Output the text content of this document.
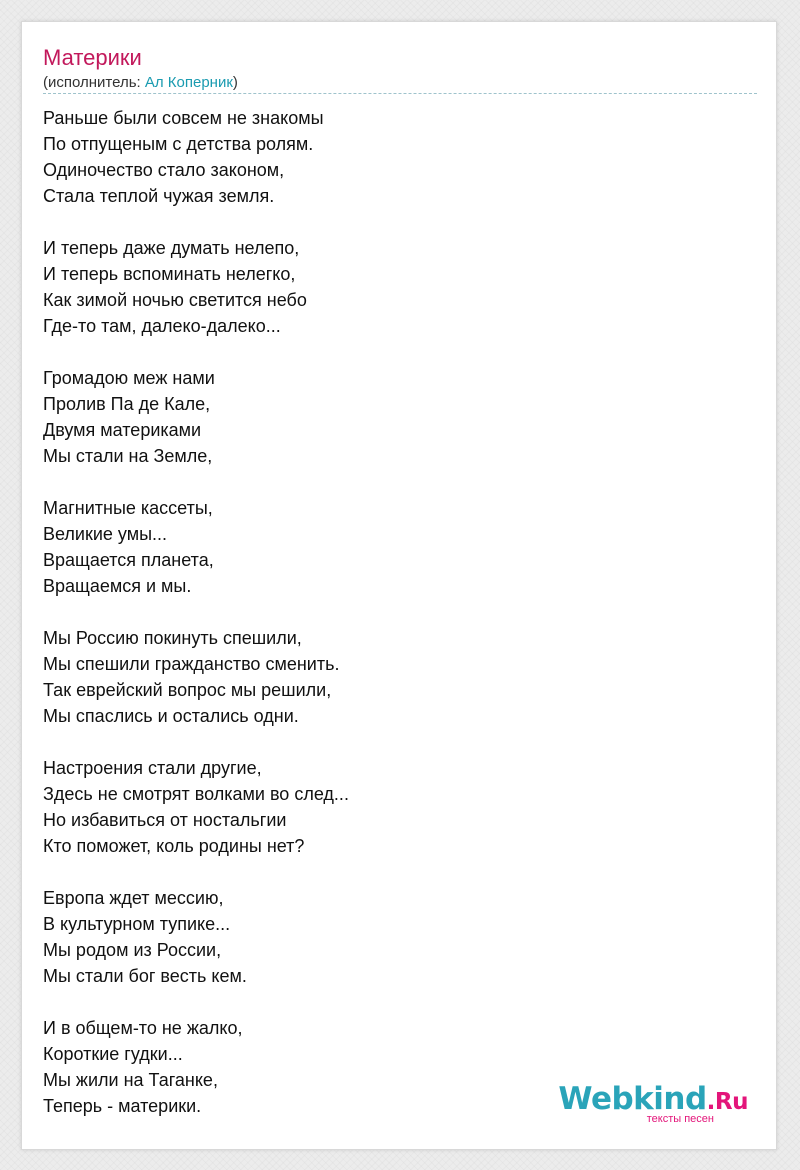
Материки
(исполнитель: Ал Коперник)
Раньше были совсем не знакомы
По отпущеным с детства ролям.
Одиночество стало законом,
Стала теплой чужая земля.
И теперь даже думать нелепо,
И теперь вспоминать нелегко,
Как зимой ночью светится небо
Где-то там, далеко-далеко...
Громадою меж нами
Пролив Па де Кале,
Двумя материками
Мы стали на Земле,
Магнитные кассеты,
Великие умы...
Вращается планета,
Вращаемся и мы.
Мы Россию покинуть спешили,
Мы спешили гражданство сменить.
Так еврейский вопрос мы решили,
Мы спаслись и остались одни.
Настроения стали другие,
Здесь не смотрят волками во след...
Но избавиться от ностальгии
Кто поможет, коль родины нет?
Европа ждет мессию,
В культурном тупике...
Мы родом из России,
Мы стали бог весть кем.
И в общем-то не жалко,
Короткие гудки...
Мы жили на Таганке,
Теперь - материки.	Webkind.Ru
тексты песен
